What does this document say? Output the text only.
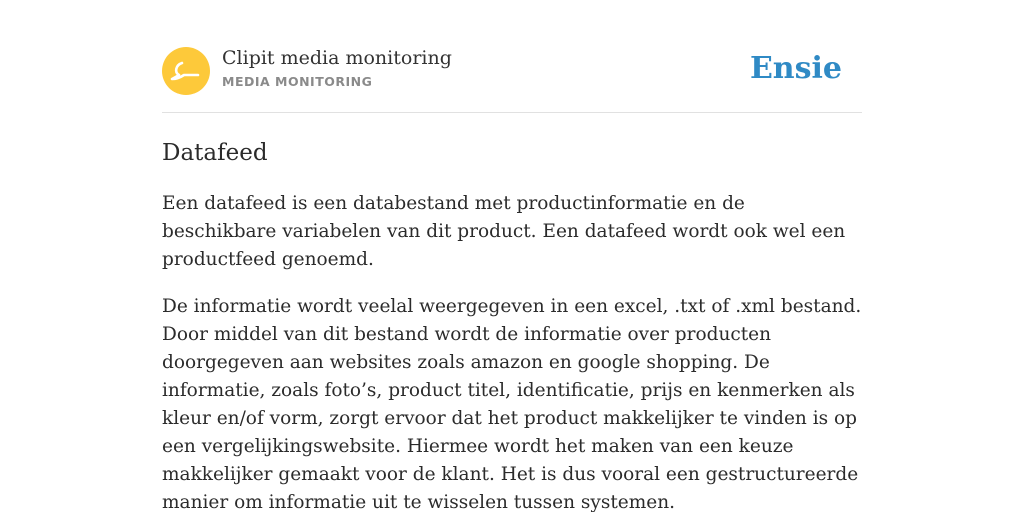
Clipit media monitoring
MEDIA MONITORING	Ensie
Datafeed

Een datafeed is een databestand met productinformatie en de beschikbare variabelen van dit product. Een datafeed wordt ook wel een productfeed genoemd.

De informatie wordt veelal weergegeven in een excel, .txt of .xml bestand. Door middel van dit bestand wordt de informatie over producten doorgegeven aan websites zoals amazon en google shopping. De informatie, zoals foto’s, product titel, identificatie, prijs en kenmerken als kleur en/of vorm, zorgt ervoor dat het product makkelijker te vinden is op een vergelijkingswebsite. Hiermee wordt het maken van een keuze makkelijker gemaakt voor de klant. Het is dus vooral een gestructureerde manier om informatie uit te wisselen tussen systemen.
